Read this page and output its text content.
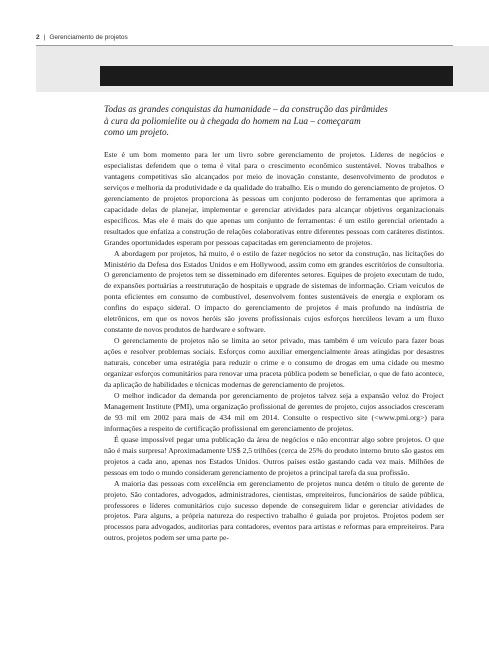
2 | Gerenciamento de projetos
Todas as grandes conquistas da humanidade – da construção das pirâmides
à cura da poliomielite ou à chegada do homem na Lua – começaram
como um projeto.

Este é um bom momento para ler um livro sobre gerenciamento de projetos. Líderes de negócios e especialistas defendem que o tema é vital para o crescimento econômico sustentável. Novos trabalhos e vantagens competitivas são alcançados por meio de inovação constante, desenvolvimento de produtos e serviços e melhoria da produtividade e da qualidade do trabalho. Eis o mundo do gerenciamento de projetos. O gerenciamento de projetos proporciona às pessoas um conjunto poderoso de ferramentas que aprimora a capacidade delas de planejar, implementar e gerenciar atividades para alcançar objetivos organizacionais específicos. Mas ele é mais do que apenas um conjunto de ferramentas: é um estilo gerencial orientado a resultados que enfatiza a construção de relações colaborativas entre diferentes pessoas com caráteres distintos. Grandes oportunidades esperam por pessoas capacitadas em gerenciamento de projetos.

A abordagem por projetos, há muito, é o estilo de fazer negócios no setor da construção, nas licitações do Ministério da Defesa dos Estados Unidos e em Hollywood, assim como em grandes escritórios de consultoria. O gerenciamento de projetos tem se disseminado em diferentes setores. Equipes de projeto executam de tudo, de expansões portuárias a reestruturação de hospitais e upgrade de sistemas de informação. Criam veículos de ponta eficientes em consumo de combustível, desenvolvem fontes sustentáveis de energia e exploram os confins do espaço sideral. O impacto do gerenciamento de projetos é mais profundo na indústria de eletrônicos, em que os novos heróis são jovens profissionais cujos esforços hercúleos levam a um fluxo constante de novos produtos de hardware e software.

O gerenciamento de projetos não se limita ao setor privado, mas também é um veículo para fazer boas ações e resolver problemas sociais. Esforços como auxiliar emergencialmente áreas atingidas por desastres naturais, conceber uma estratégia para reduzir o crime e o consumo de drogas em uma cidade ou mesmo organizar esforços comunitários para renovar uma praceta pública podem se beneficiar, o que de fato acontece, da aplicação de habilidades e técnicas modernas de gerenciamento de projetos.

O melhor indicador da demanda por gerenciamento de projetos talvez seja a expansão veloz do Project Management Institute (PMI), uma organização profissional de gerentes de projeto, cujos associados cresceram de 93 mil em 2002 para mais de 434 mil em 2014. Consulte o respectivo site (<www.pmi.org>) para informações a respeito de certificação profissional em gerenciamento de projetos.

É quase impossível pegar uma publicação da área de negócios e não encontrar algo sobre projetos. O que não é mais surpresa! Aproximadamente US$ 2,5 trilhões (cerca de 25% do produto interno bruto são gastos em projetos a cada ano, apenas nos Estados Unidos. Outros países estão gastando cada vez mais. Milhões de pessoas em todo o mundo consideram gerenciamento de projetos a principal tarefa da sua profissão.

A maioria das pessoas com excelência em gerenciamento de projetos nunca detém o título de gerente de projeto. São contadores, advogados, administradores, cientistas, empreiteiros, funcionários de saúde pública, professores e líderes comunitários cujo sucesso depende de conseguirem lidar e gerenciar atividades de projetos. Para alguns, a própria natureza do respectivo trabalho é guiada por projetos. Projetos podem ser processos para advogados, auditorias para contadores, eventos para artistas e reformas para empreiteiros. Para outros, projetos podem ser uma parte pe-
